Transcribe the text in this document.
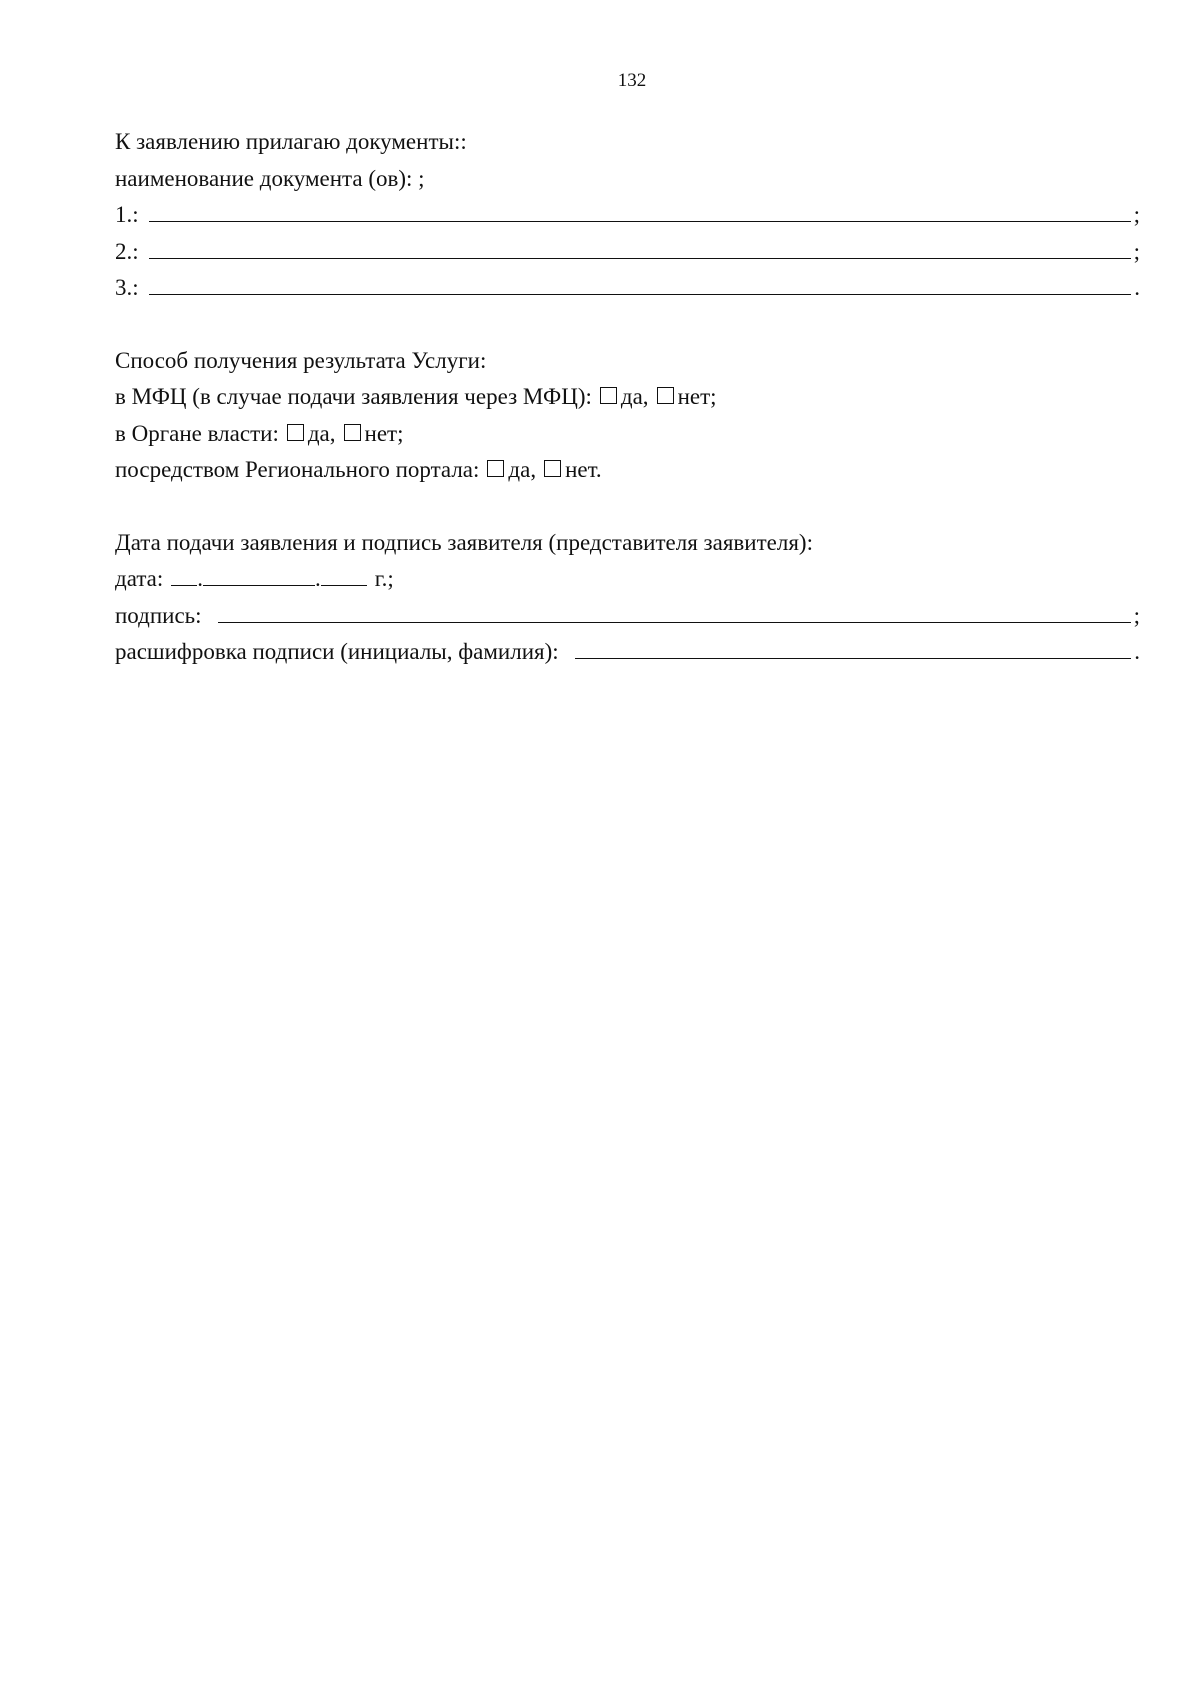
132
К заявлению прилагаю документы::
наименование документа (ов): ;
1.:	;
2.:	;
3.:	.
Способ получения результата Услуги:
в МФЦ (в случае подачи заявления через МФЦ): да, нет;
в Органе власти: да, нет;
посредством Регионального портала: да, нет.
Дата подачи заявления и подпись заявителя (представителя заявителя):
дата: .	. г.;
подпись:	;
расшифровка подписи (инициалы, фамилия):	.
